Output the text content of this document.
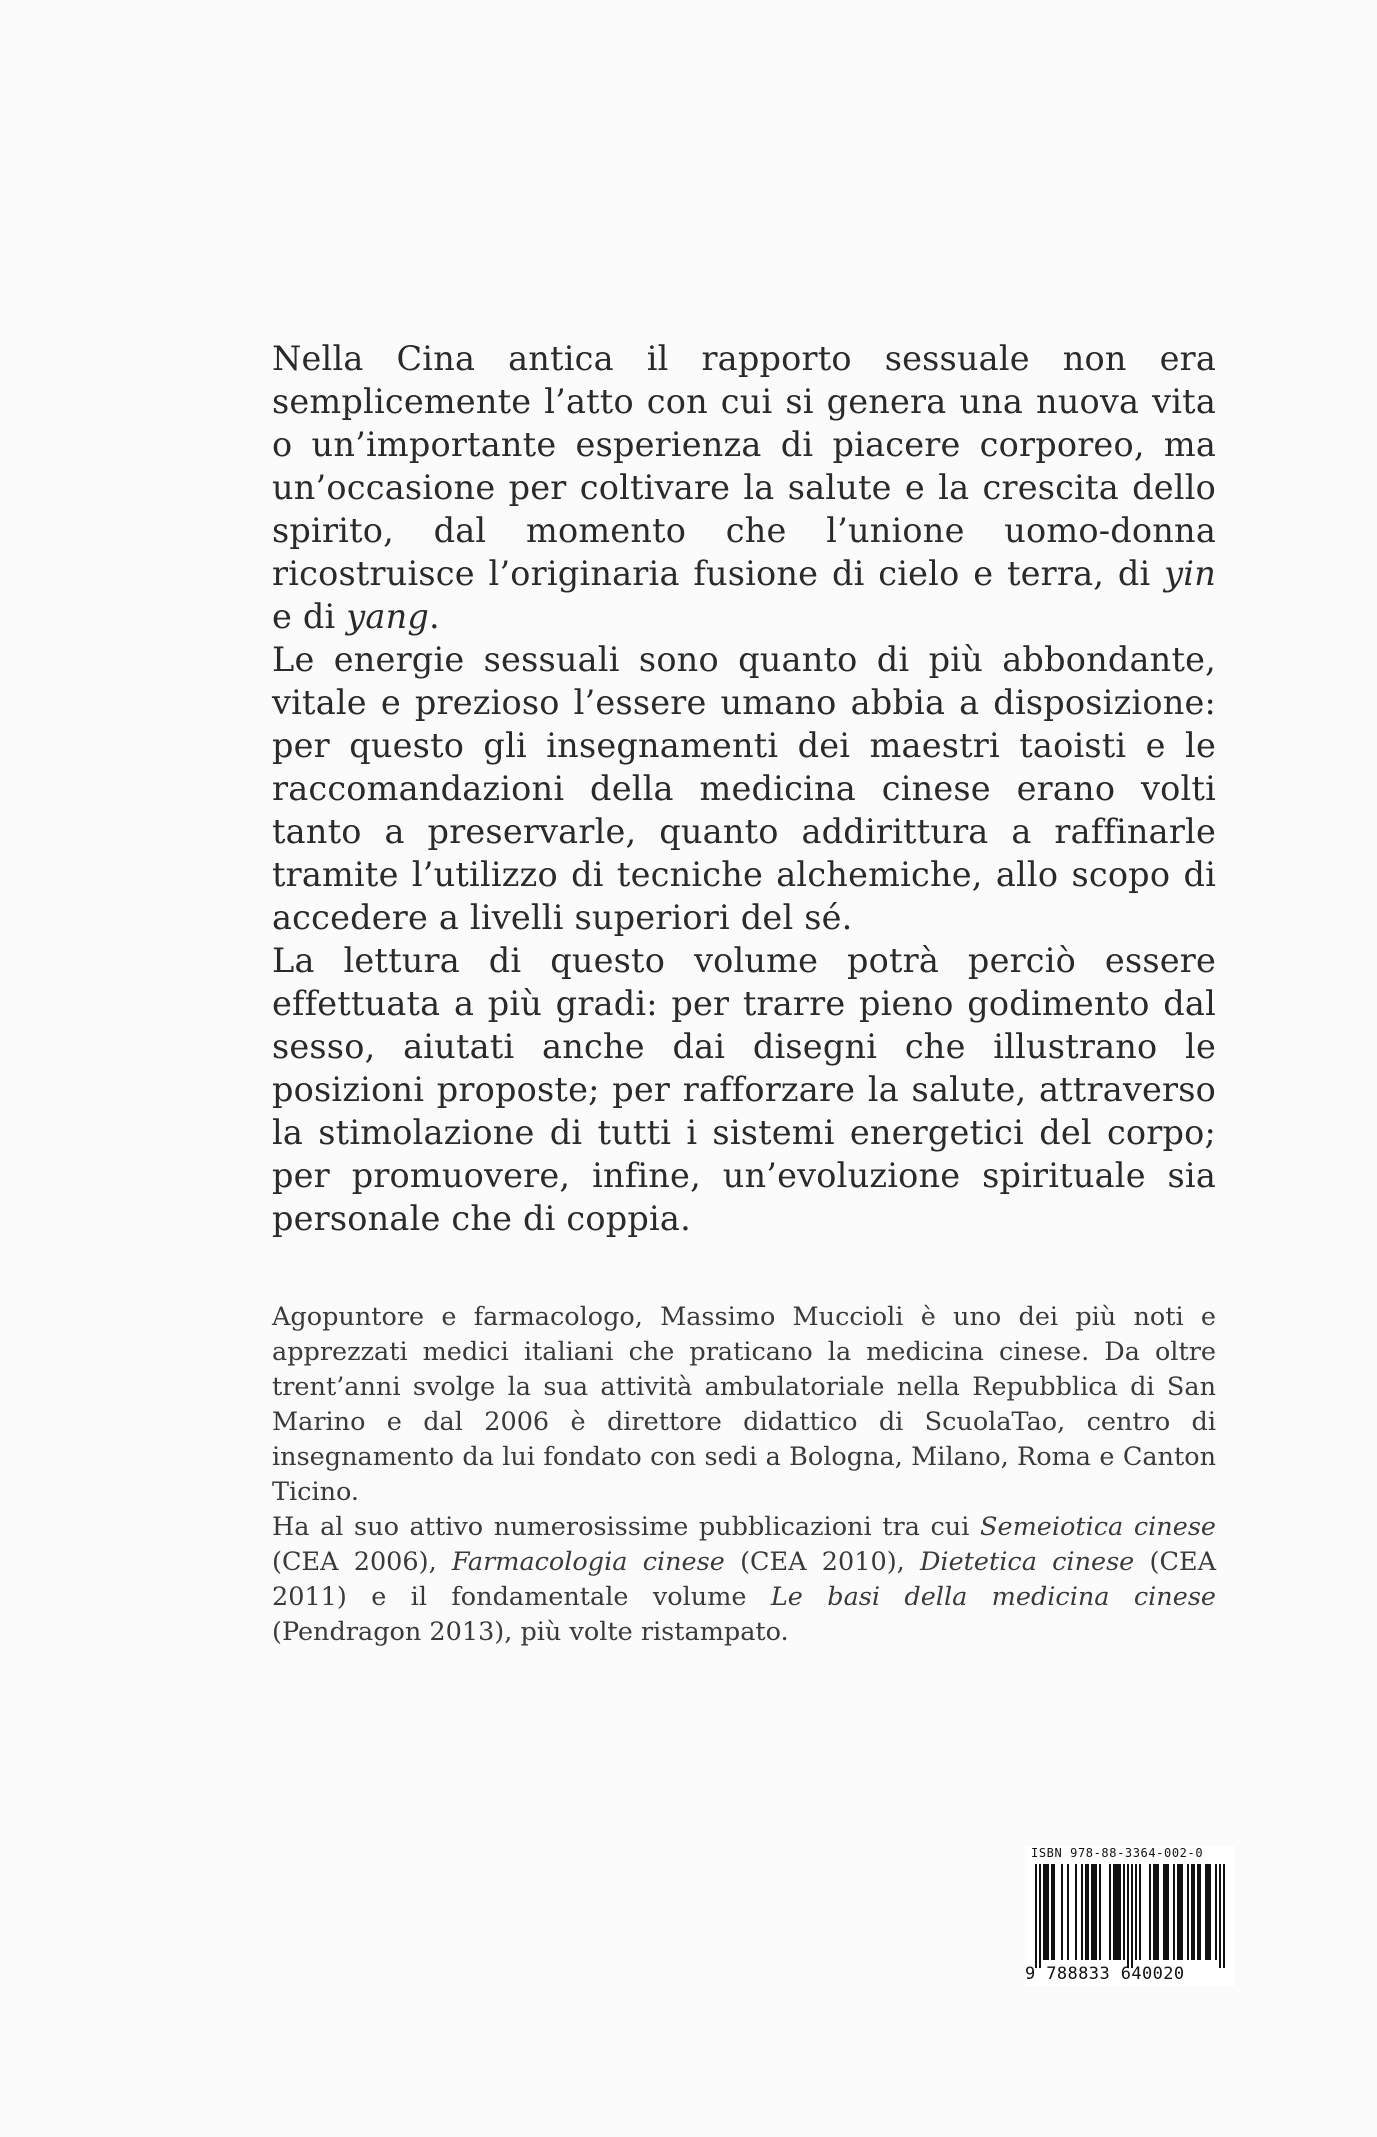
Nella Cina antica il rapporto sessuale non era semplicemente l’atto con cui si genera una nuova vita o un’importante esperienza di piacere corporeo, ma un’occasione per coltivare la salute e la crescita dello spirito, dal momento che l’unione uomo-donna ricostruisce l’originaria fusione di cielo e terra, di yin e di yang.

Le energie sessuali sono quanto di più abbondante, vitale e prezioso l’essere umano abbia a disposizione: per questo gli insegnamenti dei maestri taoisti e le raccomandazioni della medicina cinese erano volti tanto a preservarle, quanto addirittura a raffinarle tramite l’utilizzo di tecniche alchemiche, allo scopo di accedere a livelli superiori del sé.

La lettura di questo volume potrà perciò essere effettuata a più gradi: per trarre pieno godimento dal sesso, aiutati anche dai disegni che illustrano le posizioni proposte; per rafforzare la salute, attraverso la stimolazione di tutti i sistemi energetici del corpo; per promuovere, infine, un’evoluzione spirituale sia personale che di coppia.

Agopuntore e farmacologo, Massimo Muccioli è uno dei più noti e apprezzati medici italiani che praticano la medicina cinese. Da oltre trent’anni svolge la sua attività ambulatoriale nella Repubblica di San Marino e dal 2006 è direttore didattico di ScuolaTao, centro di insegnamento da lui fondato con sedi a Bologna, Milano, Roma e Canton Ticino.

Ha al suo attivo numerosissime pubblicazioni tra cui Semeiotica cinese (CEA 2006), Farmacologia cinese (CEA 2010), Dietetica cinese (CEA 2011) e il fondamentale volume Le basi della medicina cinese (Pendragon 2013), più volte ristampato.

ISBN 978-88-3364-002-0
9 788833 640020
